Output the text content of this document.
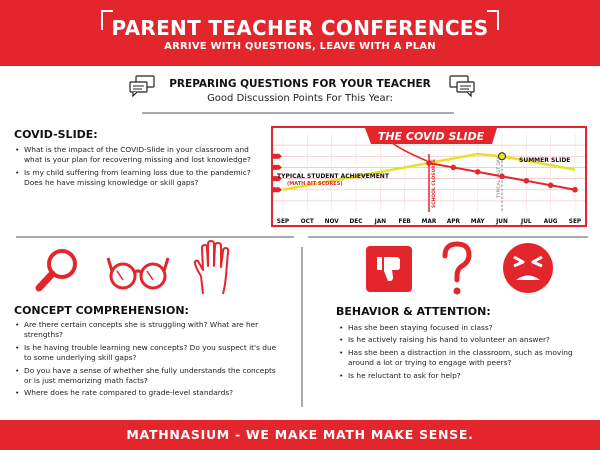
PARENT TEACHER CONFERENCES
ARRIVE WITH QUESTIONS, LEAVE WITH A PLAN
PREPARING QUESTIONS FOR YOUR TEACHER
Good Discussion Points For This Year:
COVID-SLIDE:
• What is the impact of the COVID-Slide in your classroom and what is your plan for recovering missing and lost knowledge?
• Is my child suffering from learning loss due to the pandemic? Does he have missing knowledge or skill gaps?
THE COVID SLIDE
TYPICAL STUDENT ACHIEVEMENT
(MATH BIT SCORES)	SCHOOL CLOSURES	TYPICAL LAST DAY	SUMMER SLIDE
SEP OCT NOV DEC JAN FEB MAR APR MAY JUN JUL AUG SEP
CONCEPT COMPREHENSION:
• Are there certain concepts she is struggling with? What are her strengths?
• Is he having trouble learning new concepts? Do you suspect it's due to some underlying skill gaps?
• Do you have a sense of whether she fully understands the concepts or is just memorizing math facts?
• Where does he rate compared to grade-level standards?
BEHAVIOR & ATTENTION:
• Has she been staying focused in class?
• Is he actively raising his hand to volunteer an answer?
• Has she been a distraction in the classroom, such as moving around a lot or trying to engage with peers?
• Is he reluctant to ask for help?
MATHNASIUM - WE MAKE MATH MAKE SENSE.
